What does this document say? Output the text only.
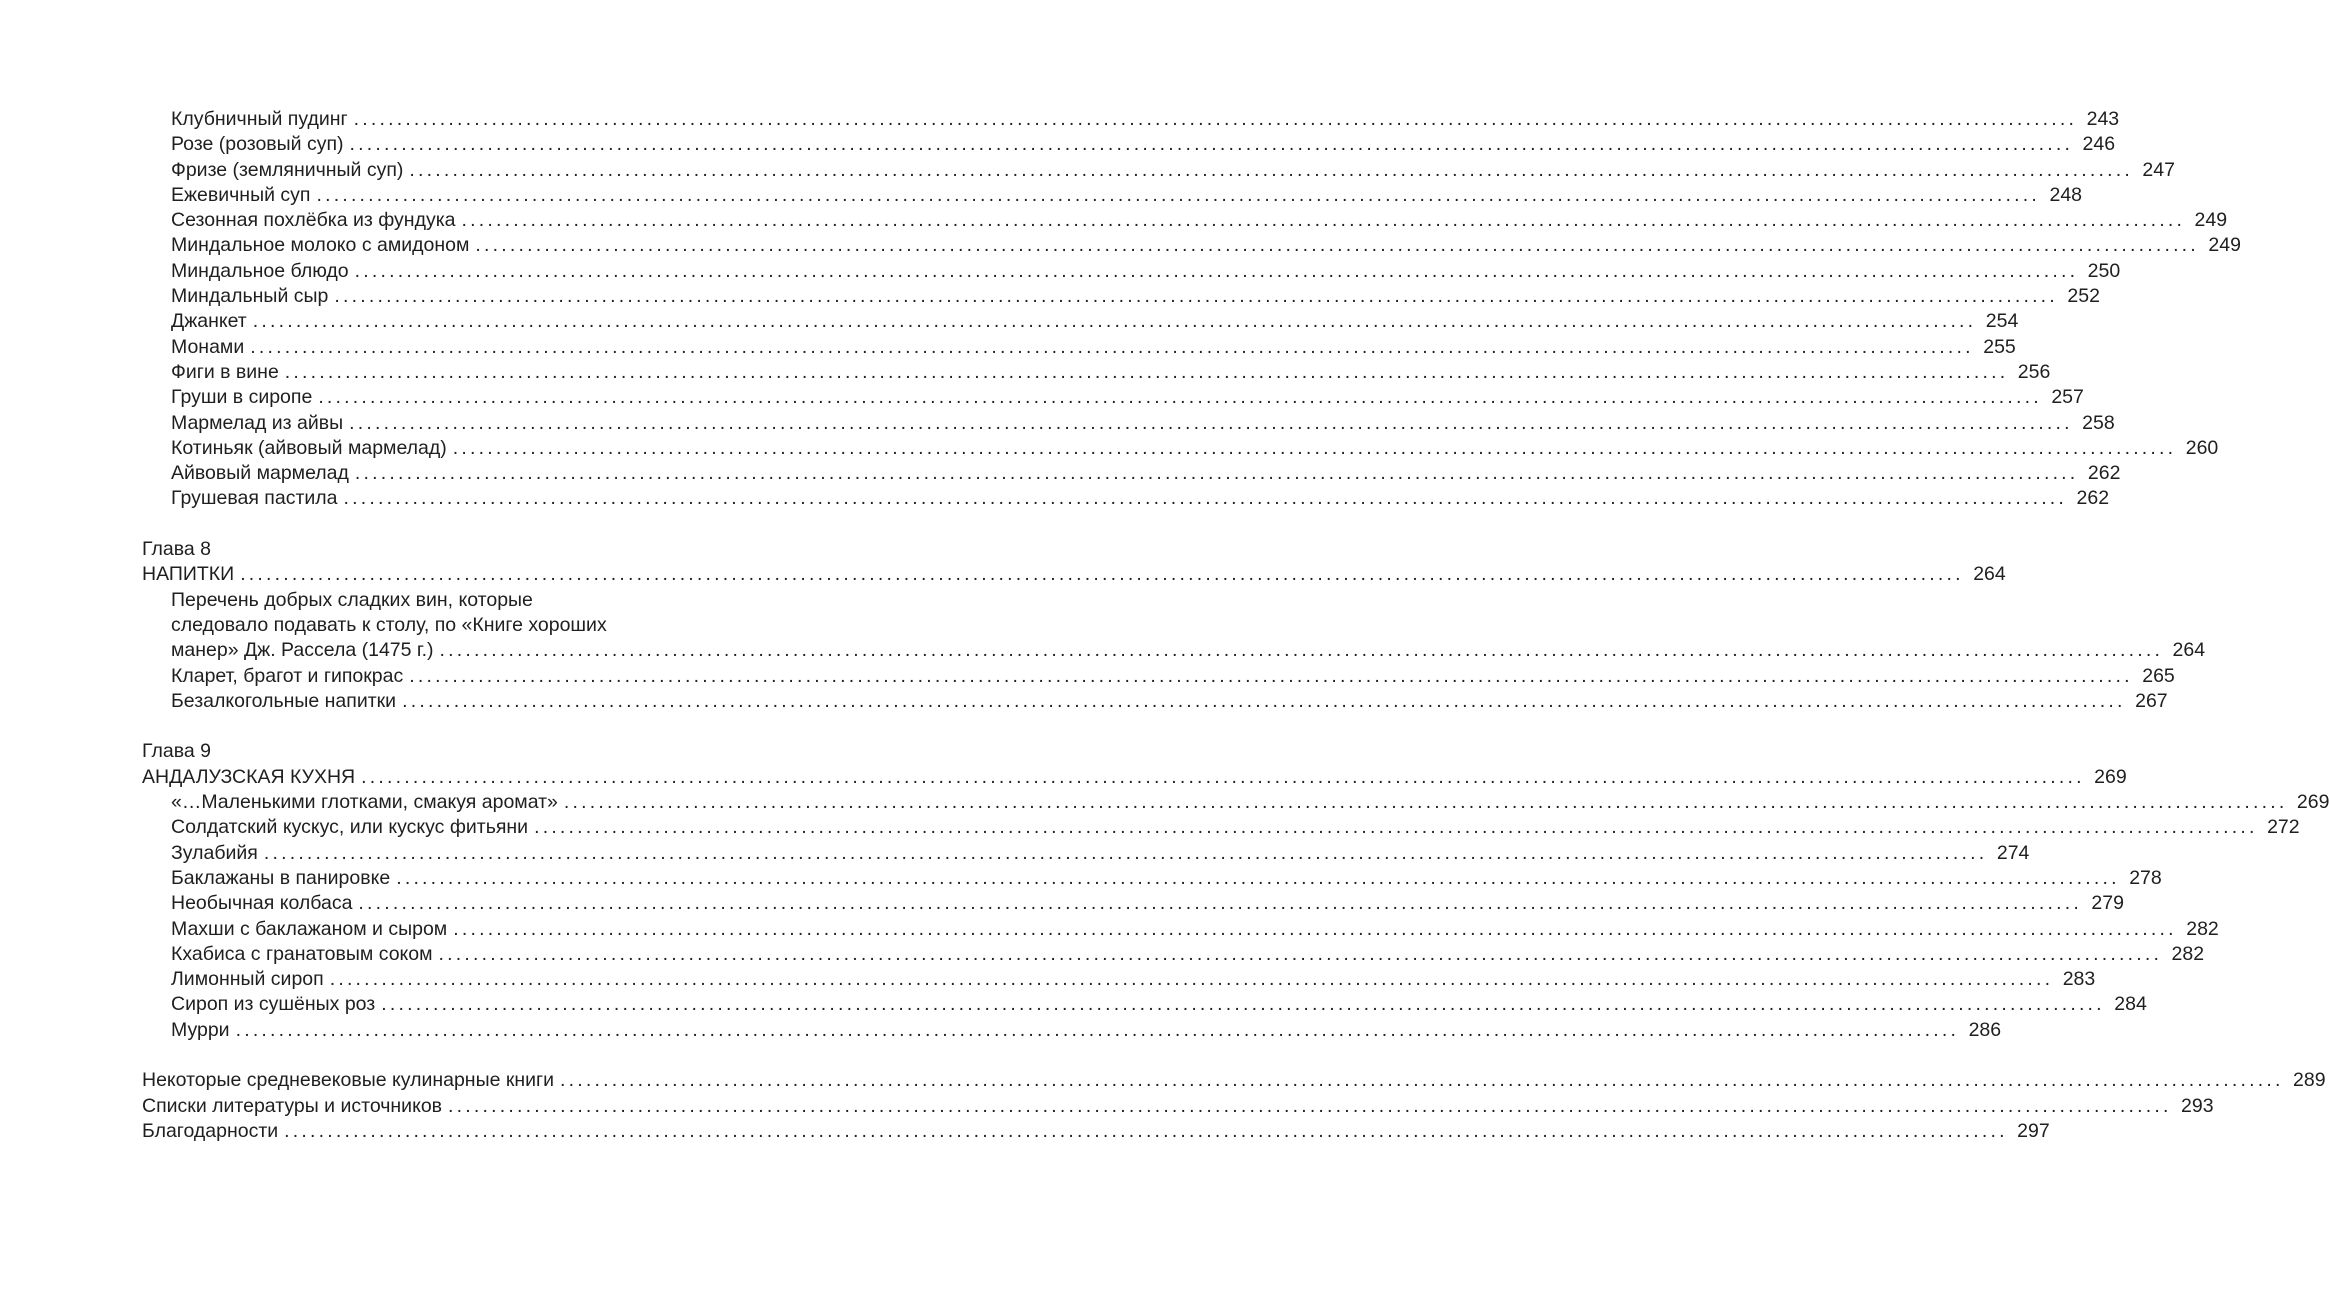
Клубничный пудинг ........................................................................................................................................................................................................ 243
Розе (розовый суп) ........................................................................................................................................................................................................ 246
Фризе (земляничный суп) ........................................................................................................................................................................................................ 247
Ежевичный суп ........................................................................................................................................................................................................ 248
Сезонная похлёбка из фундука ........................................................................................................................................................................................................ 249
Миндальное молоко с амидоном ........................................................................................................................................................................................................ 249
Миндальное блюдо ........................................................................................................................................................................................................ 250
Миндальный сыр ........................................................................................................................................................................................................ 252
Джанкет ........................................................................................................................................................................................................ 254
Монами ........................................................................................................................................................................................................ 255
Фиги в вине ........................................................................................................................................................................................................ 256
Груши в сиропе ........................................................................................................................................................................................................ 257
Мармелад из айвы ........................................................................................................................................................................................................ 258
Котиньяк (айвовый мармелад) ........................................................................................................................................................................................................ 260
Айвовый мармелад ........................................................................................................................................................................................................ 262
Грушевая пастила ........................................................................................................................................................................................................ 262
Глава 8
НАПИТКИ ........................................................................................................................................................................................................ 264
Перечень добрых сладких вин, которые
следовало подавать к столу, по «Книге хороших
манер» Дж. Рассела (1475 г.) ........................................................................................................................................................................................................ 264
Кларет, брагот и гипокрас ........................................................................................................................................................................................................ 265
Безалкогольные напитки ........................................................................................................................................................................................................ 267
Глава 9
АНДАЛУЗСКАЯ КУХНЯ ........................................................................................................................................................................................................ 269
«…Маленькими глотками, смакуя аромат» ........................................................................................................................................................................................................ 269
Солдатский кускус, или кускус фитьяни ........................................................................................................................................................................................................ 272
Зулабийя ........................................................................................................................................................................................................ 274
Баклажаны в панировке ........................................................................................................................................................................................................ 278
Необычная колбаса ........................................................................................................................................................................................................ 279
Махши с баклажаном и сыром ........................................................................................................................................................................................................ 282
Кхабиса с гранатовым соком ........................................................................................................................................................................................................ 282
Лимонный сироп ........................................................................................................................................................................................................ 283
Сироп из сушёных роз ........................................................................................................................................................................................................ 284
Мурри ........................................................................................................................................................................................................ 286
Некоторые средневековые кулинарные книги ........................................................................................................................................................................................................ 289
Списки литературы и источников ........................................................................................................................................................................................................ 293
Благодарности ........................................................................................................................................................................................................ 297
